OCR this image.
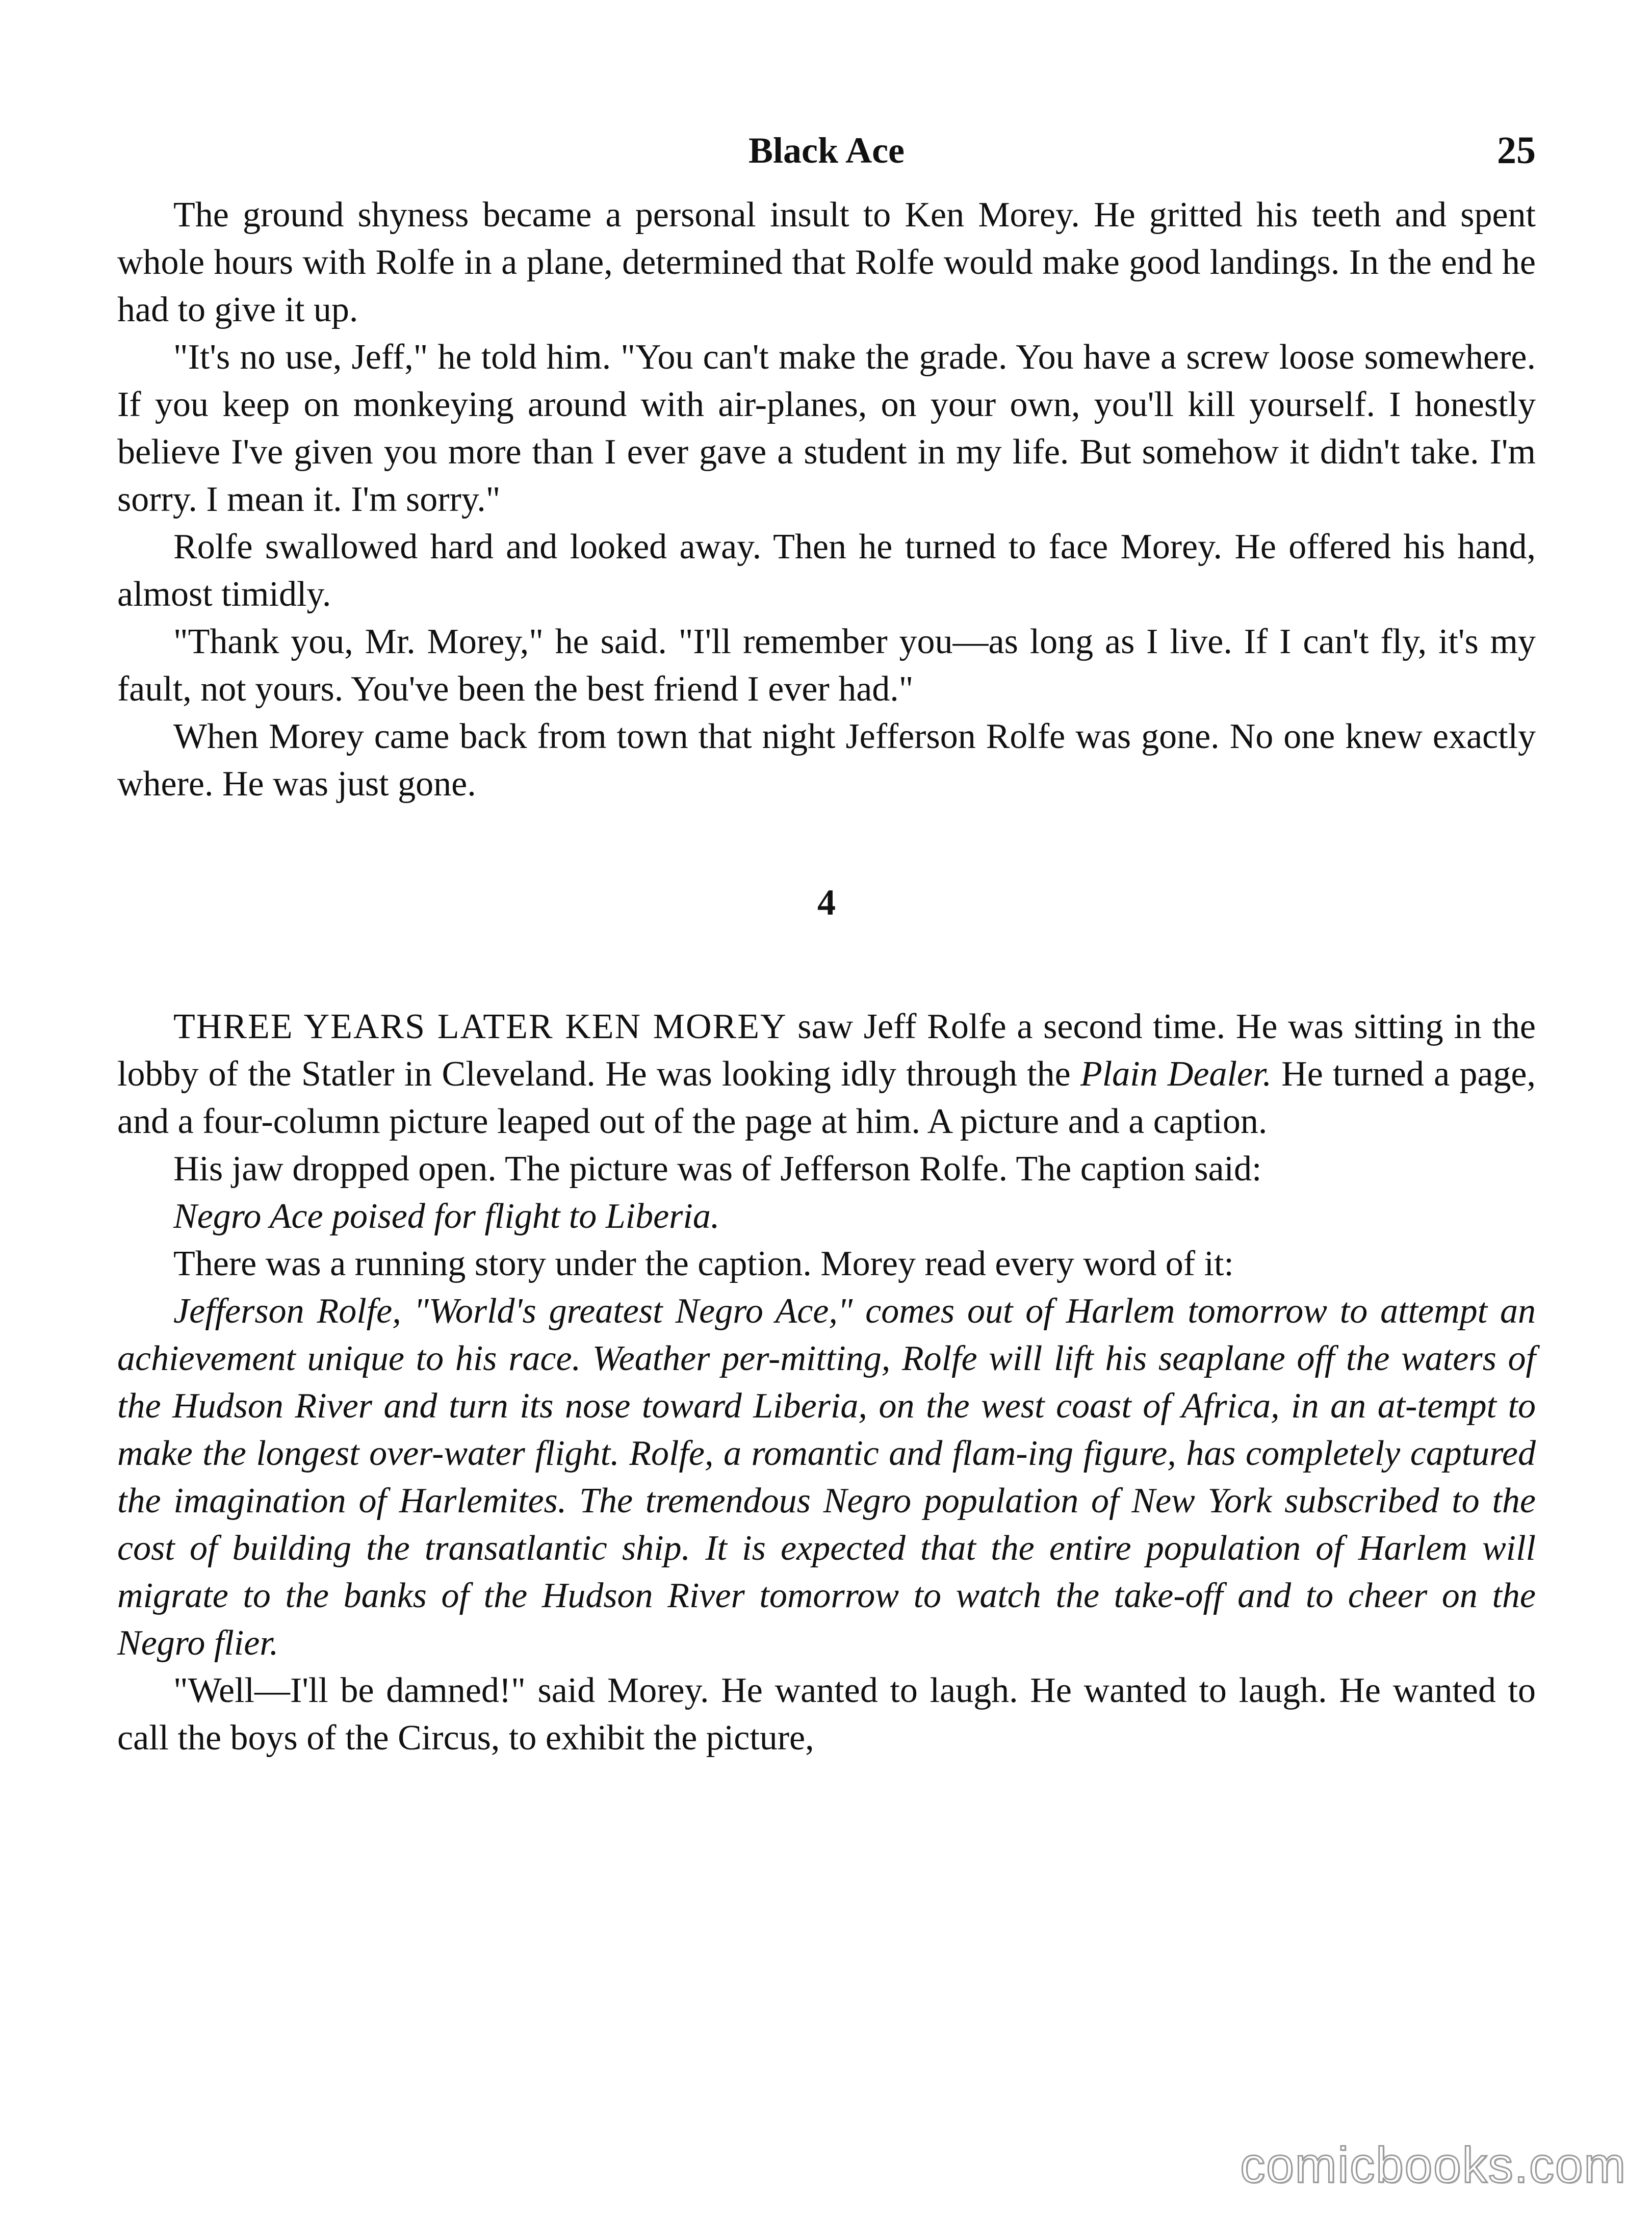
Black Ace	25

The ground shyness became a personal insult to Ken Morey. He gritted his teeth and spent whole hours with Rolfe in a plane, determined that Rolfe would make good landings. In the end he had to give it up.

"It's no use, Jeff," he told him. "You can't make the grade. You have a screw loose somewhere. If you keep on monkeying around with air-planes, on your own, you'll kill yourself. I honestly believe I've given you more than I ever gave a student in my life. But somehow it didn't take. I'm sorry. I mean it. I'm sorry."

Rolfe swallowed hard and looked away. Then he turned to face Morey. He offered his hand, almost timidly.

"Thank you, Mr. Morey," he said. "I'll remember you—as long as I live. If I can't fly, it's my fault, not yours. You've been the best friend I ever had."

When Morey came back from town that night Jefferson Rolfe was gone. No one knew exactly where. He was just gone.

4

THREE YEARS LATER KEN MOREY saw Jeff Rolfe a second time. He was sitting in the lobby of the Statler in Cleveland. He was looking idly through the Plain Dealer. He turned a page, and a four-column picture leaped out of the page at him. A picture and a caption.

His jaw dropped open. The picture was of Jefferson Rolfe. The caption said:

Negro Ace poised for flight to Liberia.

There was a running story under the caption. Morey read every word of it:

Jefferson Rolfe, "World's greatest Negro Ace," comes out of Harlem tomorrow to attempt an achievement unique to his race. Weather per-mitting, Rolfe will lift his seaplane off the waters of the Hudson River and turn its nose toward Liberia, on the west coast of Africa, in an at-tempt to make the longest over-water flight. Rolfe, a romantic and flam-ing figure, has completely captured the imagination of Harlemites. The tremendous Negro population of New York subscribed to the cost of building the transatlantic ship. It is expected that the entire population of Harlem will migrate to the banks of the Hudson River tomorrow to watch the take-off and to cheer on the Negro flier.

"Well—I'll be damned!" said Morey. He wanted to laugh. He wanted to laugh. He wanted to call the boys of the Circus, to exhibit the picture,

comicbooks.com
